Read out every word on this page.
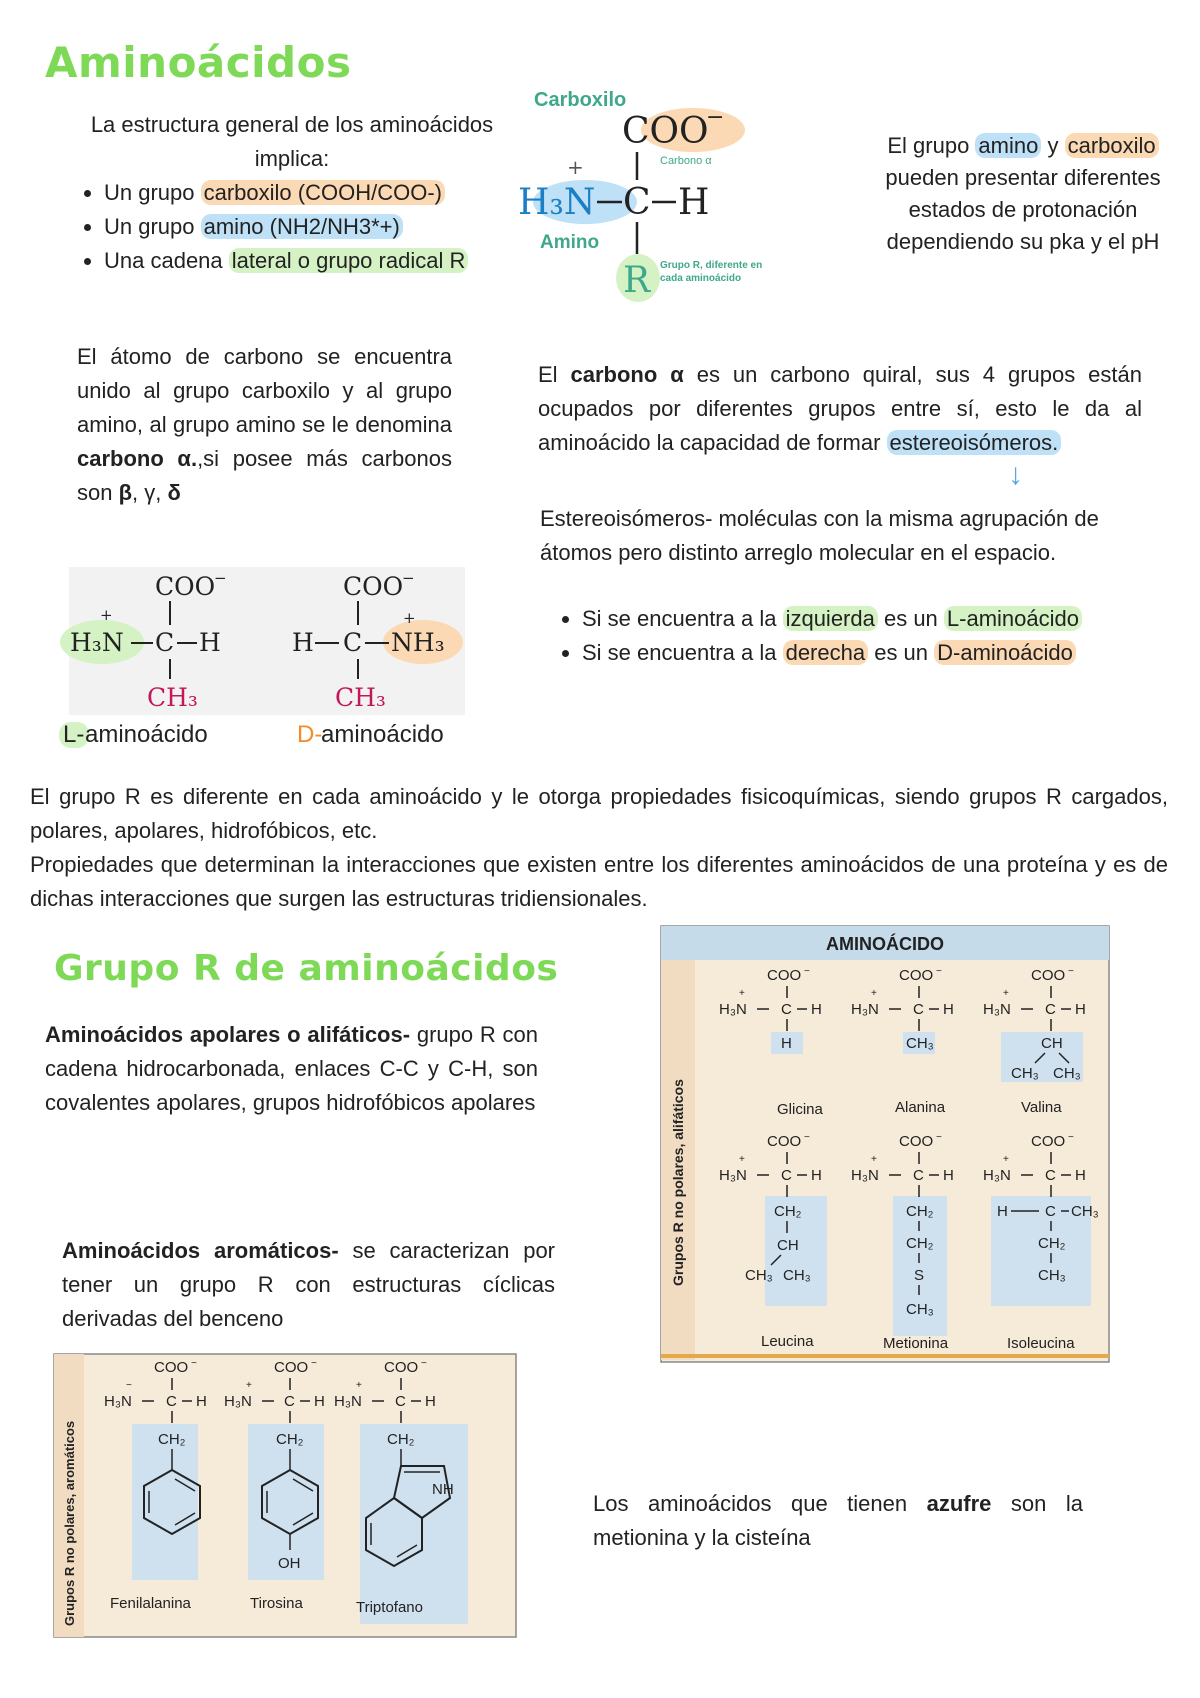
Aminoácidos
La estructura general de los aminoácidos implica:
• Un grupo carboxilo (COOH/COO-)
• Un grupo amino (NH2/NH3*+)
• Una cadena lateral o grupo radical R
Carboxilo
Amino
COO
−
+
H₃N C H
Carbono α
R Grupo R, diferente en
cada aminoácido
El grupo amino y carboxilo pueden presentar diferentes estados de protonación dependiendo su pka y el pH
El átomo de carbono se encuentra unido al grupo carboxilo y al grupo amino, al grupo amino se le denomina carbono α.,si posee más carbonos son β, γ, δ
El carbono α es un carbono quiral, sus 4 grupos están ocupados por diferentes grupos entre sí, esto le da al aminoácido la capacidad de formar estereoisómeros.
↓
Estereoisómeros- moléculas con la misma agrupación de átomos pero distinto arreglo molecular en el espacio.
• Si se encuentra a la izquierda es un L-aminoácido
• Si se encuentra a la derecha es un D-aminoácido
COO
−
+
H₃N C H
CH₃
COO
−
H C NH₃
+
CH₃
L- aminoácido	D-
aminoácido
El grupo R es diferente en cada aminoácido y le otorga propiedades fisicoquímicas, siendo grupos R cargados, polares, apolares, hidrofóbicos, etc.
Propiedades que determinan la interacciones que existen entre los diferentes aminoácidos de una proteína y es de dichas interacciones que surgen las estructuras tridiensionales.
Grupo R de aminoácidos
Aminoácidos apolares o alifáticos- grupo R con cadena hidrocarbonada, enlaces C-C y C-H, son covalentes apolares, grupos hidrofóbicos apolares
Aminoácidos aromáticos- se caracterizan por tener un grupo R con estructuras cíclicas derivadas del benceno
Los aminoácidos que tienen azufre son la metionina y la cisteína
AMINOÁCIDO
Grupos R no polares, alifáticos
COO −
+
H₃N C H
H
Glicina
COO −
+
H₃N C H
CH₃
Alanina
COO −
+
H₃N C H
CH
CH₃ CH₃
Valina
COO −
+
H₃N C H
CH₂
CH
CH₃ CH₃
Leucina
COO −
+
H₃N C H
CH₂
CH₂
S
CH₃
Metionina
COO −
+
H₃N C H
H C CH₃
CH₂
CH₃
Isoleucina
Grupos R no polares, aromáticos
COO −
−
H₃N C H
CH₂
Fenilalanina
COO −
+
H₃N C H
CH₂
OH
Tirosina
COO −
+
H₃N C H
CH₂
NH
Triptofano
